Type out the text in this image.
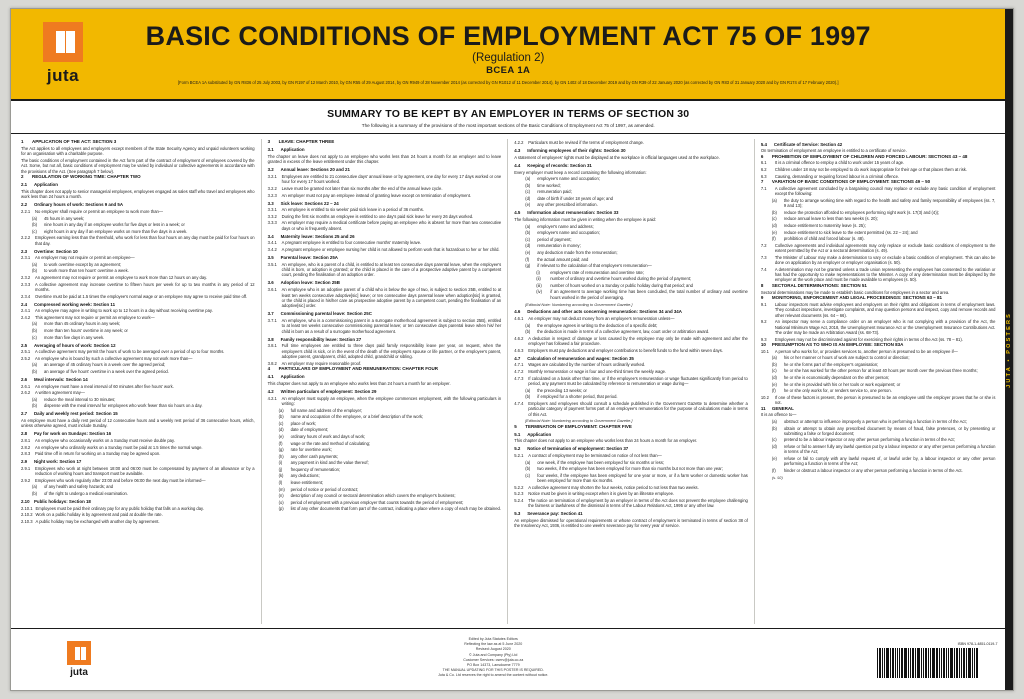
juta
BASIC CONDITIONS OF EMPLOYMENT ACT 75 OF 1997
(Regulation 2)
BCEA 1A
[Form BCEA 1A substituted by GN R836 of 25 July 2003, by GN R197 of 12 March 2010, by GN R55 of 29 August 2014, by GN R949 of 28 November 2014 (as corrected by GN R1012 of 11 December 2014), by GN 1402 of 18 December 2019 and by GN R39 of 22 January 2020 (as corrected by GN R83 of 31 January 2020 and by GN R174 of 17 February 2020).]
SUMMARY TO BE KEPT BY AN EMPLOYER IN TERMS OF SECTION 30

The following is a summary of the provisions of the most important sections of the Basic Conditions of Employment Act 75 of 1997, as amended.

1	APPLICATION OF THE ACT: SECTION 3
The Act applies to all employees and employers except members of the State Security Agency and unpaid volunteers working for an organisation with a charitable purpose.
The basic conditions of employment contained in the Act form part of the contract of employment of employees covered by the Act. Some, but not all, basic conditions of employment may be varied by individual or collective agreements in accordance with the provisions of the Act. (See paragraph 7 below).
2	REGULATION OF WORKING TIME: CHAPTER TWO
2.1	Application
This chapter does not apply to senior managerial employees, employees engaged as sales staff who travel and employees who work less than 24 hours a month.
2.2	Ordinary hours of work: Sections 9 and 5A
2.2.1	No employer shall require or permit an employee to work more than—
(a)	45 hours in any week;
(b)	nine hours in any day if an employee works for five days or less in a week; or
(c)	eight hours in any day if an employee works on more than five days in a week.
2.2.2	Employees earning less than the threshold, who work for less than four hours on any day must be paid for four hours on that day.
2.3	Overtime: Section 10
2.3.1	An employer may not require or permit an employee—
(a)	to work overtime except by an agreement;
(b)	to work more than ten hours' overtime a week.
2.3.2	An agreement may not require or permit an employee to work more than 12 hours on any day.
2.3.3	A collective agreement may increase overtime to fifteen hours per week for up to two months in any period of 12 months.
2.3.4	Overtime must be paid at 1.5 times the employee's normal wage or an employee may agree to receive paid time off.
2.4	Compressed working week: Section 11
2.4.1	An employee may agree in writing to work up to 12 hours in a day without receiving overtime pay.
2.4.2	This agreement may not require or permit an employee to work—
(a)	more than 45 ordinary hours in any week;
(b)	more than ten hours' overtime in any week; or
(c)	more than five days in any week.
2.5	Averaging of hours of work: Section 12
2.5.1	A collective agreement may permit the hours of work to be averaged over a period of up to four months.
2.5.2	An employee who is bound by such a collective agreement may not work more than—
(a)	an average of 45 ordinary hours in a week over the agreed period;
(b)	an average of five hours' overtime in a week over the agreed period.
2.6	Meal intervals: Section 14
2.6.1	An employee must have a meal interval of 60 minutes after five hours' work.
2.6.2	A written agreement may—
(a)	reduce the meal interval to 30 minutes;
(b)	dispense with the meal interval for employees who work fewer than six hours on a day.
2.7	Daily and weekly rest period: Section 15
An employee must have a daily rest period of 12 consecutive hours and a weekly rest period of 36 consecutive hours, which, unless otherwise agreed, must include Sunday.
2.8	Pay for work on Sundays: Section 16
2.8.1	An employee who occasionally works on a Sunday must receive double pay.
2.8.2	An employee who ordinarily works on a Sunday must be paid at 1.5 times the normal wage.
2.8.3	Paid time off in return for working on a Sunday may be agreed upon.
2.9	Night work: Section 17
2.9.1	Employees who work at night between 18:00 and 06:00 must be compensated by payment of an allowance or by a reduction of working hours and transport must be available.
2.9.2	Employees who work regularly after 23:00 and before 06:00 the next day must be informed—
(a)	of any health and safety hazards; and
(b)	of the right to undergo a medical examination.
2.10	Public holidays: Section 18
2.10.1 Employees must be paid their ordinary pay for any public holiday that falls on a working day.
2.10.2 Work on a public holiday is by agreement and paid at double the rate.
2.10.3 A public holiday may be exchanged with another day by agreement.
3	LEAVE: CHAPTER THREE
3.1	Application
The chapter on leave does not apply to an employee who works less than 24 hours a month for an employer and to leave granted in excess of the leave entitlement under this chapter.
3.2	Annual leave: Sections 20 and 21
3.2.1	Employees are entitled to 21 consecutive days' annual leave or by agreement, one day for every 17 days worked or one hour for every 17 hours worked.
3.2.2	Leave must be granted not later than six months after the end of the annual leave cycle.
3.2.3	An employer must not pay an employee instead of granting leave except on termination of employment.
3.3	Sick leave: Sections 22 – 24
3.3.1	An employee is entitled to six weeks' paid sick leave in a period of 36 months.
3.3.2	During the first six months an employee is entitled to one day's paid sick leave for every 26 days worked.
3.3.3	An employer may require a medical certificate before paying an employee who is absent for more than two consecutive days or who is frequently absent.
3.4	Maternity leave: Sections 25 and 26
3.4.1	A pregnant employee is entitled to four consecutive months' maternity leave.
3.4.2	A pregnant employee or employee nursing her child is not allowed to perform work that is hazardous to her or her child.
3.5	Parental leave: Section 25A
3.5.1	An employee, who is a parent of a child, is entitled to at least ten consecutive days parental leave, when the employee's child is born, or adoption is granted; or the child is placed in the care of a prospective adoptive parent by a competent court, pending the finalisation of an adoption order.
3.6	Adoption leave: Section 25B
3.6.1	An employee who is an adoptive parent of a child who is below the age of two, is subject to section 25B, entitled to at least ten weeks consecutive adoptive[sic] leave; or ten consecutive days parental leave when adoption[sic] is granted, or the child is placed in his/her care as prospective adoptive parent by a competent court, pending the finalisation of an adoptive[sic] order.
3.7	Commissioning parental leave: Section 25C
3.7.1	An employee, who is a commissioning parent in a surrogate motherhood agreement is subject to section 25B), entitled to at least ten weeks consecutive commissioning parental leave; or ten consecutive days parental leave when his/ her child is born as a result of a surrogate motherhood agreement.
3.8	Family responsibility leave: Section 27
3.8.1	Full time employees are entitled to three days paid family responsibility leave per year, on request, when the employee's child is sick, or in the event of the death of the employee's spouse or life partner, or the employee's parent, adoptive parent, grandparent, child, adopted child, grandchild or sibling.
3.8.2	An employer may require reasonable proof.
4	PARTICULARS OF EMPLOYMENT AND REMUNERATION: CHAPTER FOUR
4.1	Application
This chapter does not apply to an employee who works less than 24 hours a month for an employer.
4.2	Written particulars of employment: Section 29
4.2.1	An employer must supply an employee, when the employee commences employment, with the following particulars in writing:
(a)	full name and address of the employer;
(b)	name and occupation of the employee, or a brief description of the work;
(c)	place of work;
(d)	date of employment;
(e)	ordinary hours of work and days of work;
(f)	wage or the rate and method of calculating;
(g)	rate for overtime work;
(h)	any other cash payments;
(i)	any payment in kind and the value thereof;
(j)	frequency of remuneration;
(k)	any deductions;
(l)	leave entitlement;
(m)	period of notice or period of contract;
(n)	description of any council or sectoral determination which covers the employer's business;
(o)	period of employment with a previous employer that counts towards the period of employment;
(p)	list of any other documents that form part of the contract, indicating a place where a copy of each may be obtained.
4.2.2	Particulars must be revised if the terms of employment change.
4.3	Informing employees of their rights: Section 30
A statement of employees' rights must be displayed at the workplace in official languages used at the workplace.
4.4	Keeping of records: Section 31
Every employer must keep a record containing the following information:
(a)	employee's name and occupation;
(b)	time worked;
(c)	remuneration paid;
(d)	date of birth if under 18 years of age; and
(e)	any other prescribed information.
4.5	Information about remuneration: Section 33
The following information must be given in writing when the employee is paid:
(a)	employer's name and address;
(b)	employee's name and occupation;
(c)	period of payment;
(d)	remuneration in money;
(e)	any deduction made from the remuneration;
(f)	the actual amount paid; and
(g)	if relevant to the calculation of that employee's remuneration—
(i)	employee's rate of remuneration and overtime rate;
(ii)	number of ordinary and overtime hours worked during the period of payment;
(iii)	number of hours worked on a Sunday or public holiday during that period; and
(iv)	if an agreement to average working time has been concluded, the total number of ordinary and overtime hours worked in the period of averaging.
[Editorial Note: Numbering according to Government Gazette.]
4.6	Deductions and other acts concerning remuneration: Sections 34 and 34A
4.6.1	An employer may not deduct money from an employee's remuneration unless—
(a)	the employee agrees in writing to the deduction of a specific debt;
(b)	the deduction is made in terms of a collective agreement, law, court order or arbitration award.
4.6.2	A deduction in respect of damage or loss caused by the employee may only be made with agreement and after the employer has followed a fair procedure.
4.6.3	Employers must pay deductions and employer contributions to benefit funds to the fund within seven days.
4.7	Calculation of remuneration and wages: Section 35
4.7.1	Wages are calculated by the number of hours ordinarily worked.
4.7.2	Monthly remuneration or wage is four and one-third times the weekly wage.
4.7.3	If calculated on a basis other than time, or if the employee's remuneration or wage fluctuates significantly from period to period, any payment must be calculated by reference to remuneration or wage during—
(a)	the preceding 13 weeks; or
(b)	if employed for a shorter period, that period.
4.7.4	Employers and employees should consult a schedule published in the Government Gazette to determine whether a particular category of payment forms part of an employee's remuneration for the purpose of calculations made in terms of this Act.
[Editorial Note: Numbering according to Government Gazette.]
5	TERMINATION OF EMPLOYMENT: CHAPTER FIVE
5.1	Application
This chapter does not apply to an employee who works less than 24 hours a month for an employer.
5.2	Notice of termination of employment: Section 37
5.2.1	A contract of employment may be terminated on notice of not less than—
(a)	one week, if the employee has been employed for six months or less;
(b)	two weeks, if the employee has been employed for more than six months but not more than one year;
(c)	four weeks, if the employee has been employed for one year or more, or if a farm worker or domestic worker has been employed for more than six months.
5.2.2	A collective agreement may shorten the four weeks, notice period to not less than two weeks.
5.2.3	Notice must be given in writing except when it is given by an illiterate employee.
5.2.4	The notice on termination of employment by an employer in terms of the Act does not prevent the employee challenging the fairness or lawfulness of the dismissal in terms of the Labour Relations Act, 1995 or any other law.
5.3	Severance pay: Section 41
An employee dismissed for operational requirements or whose contract of employment is terminated in terms of section 38 of the Insolvency Act, 1936, is entitled to one week's severance pay for every year of service.
5.4	Certificate of Service: Section 42
On termination of employment an employee is entitled to a certificate of service.
6	PROHIBITION OF EMPLOYMENT OF CHILDREN AND FORCED LABOUR: SECTIONS 43 – 48
6.1	It is a criminal offence to employ a child to work under 15 years of age.
6.2	Children under 18 may not be employed to do work inappropriate for their age or that places them at risk.
6.3	Causing, demanding or requiring forced labour is a criminal offence.
7	VARIATION OF BASIC CONDITIONS OF EMPLOYMENT: SECTIONS 49 – 50
7.1	A collective agreement concluded by a bargaining council may replace or exclude any basic condition of employment except the following:
(a)	the duty to arrange working time with regard to the health and safety and family responsibility of employees (ss. 7, 9 and 13);
(b)	reduce the protection afforded to employees performing night work (s. 17(3) and (4));
(c)	reduce annual leave to less than two weeks (s. 20);
(d)	reduce entitlement to maternity leave (s. 25);
(e)	reduce entitlement to sick leave to the extent permitted (ss. 22 – 24); and
(f)	prohibition of child and forced labour (s. 48).
7.2	Collective agreements and individual agreements may only replace or exclude basic conditions of employment to the extent permitted by the Act or a sectoral determination (s. 49).
7.3	The Minister of Labour may make a determination to vary or exclude a basic condition of employment. This can also be done on application by an employer or employer organisation (s. 50).
7.4	A determination may not be granted unless a trade union representing the employees has consented to the variation or has had the opportunity to make representations to the Minister. A copy of any determination must be displayed by the employer at the work place and must be made available to employees (s. 50).
8	SECTORAL DETERMINATIONS: SECTION 51
Sectoral determinations may be made to establish basic conditions for employees in a sector and area.
9	MONITORING, ENFORCEMENT AND LEGAL PROCEEDINGS: SECTIONS 63 – 81
9.1	Labour inspectors must advise employees and employers on their rights and obligations in terms of employment laws. They conduct inspections, investigate complaints, and may question persons and inspect, copy and remove records and other relevant documents (ss. 64 – 66).
9.2	An inspector may serve a compliance order on an employer who is not complying with a provision of the Act, the National Minimum Wage Act, 2018, the Unemployment Insurance Act or the Unemployment Insurance Contributions Act. The order may be made an Arbitration Award (ss. 68-73).
9.3	Employees may not be discriminated against for exercising their rights in terms of the Act (ss. 78 – 81).
10	PRESUMPTION AS TO WHO IS AN EMPLOYEE: SECTION 83A
10.1	A person who works for, or provides services to, another person is presumed to be an employee if—
(a)	his or her manner or hours of work are subject to control or direction;
(b)	he or she forms part of the employer's organisation;
(c)	he or she has worked for the other person for at least 40 hours per month over the previous three months;
(d)	he or she is economically dependant on the other person;
(e)	he or she is provided with his or her tools or work equipment; or
(f)	he or she only works for, or renders service to, one person.
10.2	If one of these factors is present, the person is presumed to be an employee until the employer proves that he or she is not.
11	GENERAL
It is an offence to—
(a)	obstruct or attempt to influence improperly a person who is performing a function in terms of the Act;
(b)	obtain or attempt to obtain any prescribed document by means of fraud, false pretences, or by presenting or submitting a false or forged document;
(c)	pretend to be a labour inspector or any other person performing a function in terms of the Act;
(d)	refuse or fail to answer fully any lawful question put by a labour inspector or any other person performing a function in terms of the Act;
(e)	refuse or fail to comply with any lawful request of, or lawful order by, a labour inspector or any other person performing a function in terms of the Act;
(f)	hinder or obstruct a labour inspector or any other person performing a function in terms of the Act.
(s. 92)
juta
Edited by Juta Statutes Editors
Reflecting the law as at 5 June 2020
Revised: August 2020
© Juta and Company (Pty) Ltd
Customer Services: cserv@juta.co.za
PO Box 14373, Lansdowne 7779
THE MANUAL UPDATING FOR THIS POSTER IS REQUIRED.
Juta & Co. Ltd reserves the right to amend the content without notice.
ISBN 978-1-4851-0119-7
JUTA • POSTERS
